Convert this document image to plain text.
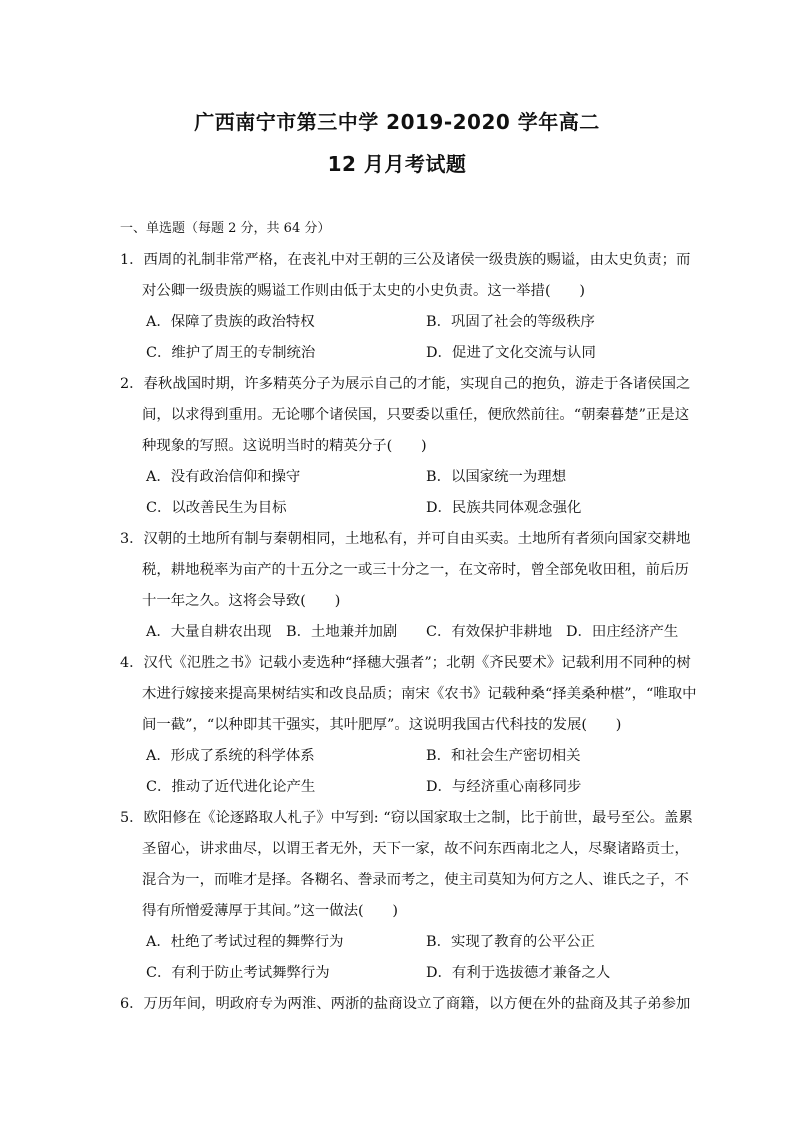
广西南宁市第三中学 2019-2020 学年高二
12 月月考试题
一、单选题（每题 2 分，共 64 分）
1．西周的礼制非常严格，在丧礼中对王朝的三公及诸侯一级贵族的赐谥，由太史负责；而
对公卿一级贵族的赐谥工作则由低于太史的小史负责。这一举措(　　)
A．保障了贵族的政治特权	B．巩固了社会的等级秩序
C．维护了周王的专制统治	D．促进了文化交流与认同
2．春秋战国时期，许多精英分子为展示自己的才能，实现自己的抱负，游走于各诸侯国之
间，以求得到重用。无论哪个诸侯国，只要委以重任，便欣然前往。“朝秦暮楚”正是这
种现象的写照。这说明当时的精英分子(　　)
A．没有政治信仰和操守	B．以国家统一为理想
C．以改善民生为目标	D．民族共同体观念强化
3．汉朝的土地所有制与秦朝相同，土地私有，并可自由买卖。土地所有者须向国家交耕地
税，耕地税率为亩产的十五分之一或三十分之一，在文帝时，曾全部免收田租，前后历
十一年之久。这将会导致(　　)
A．大量自耕农出现	B．土地兼并加剧	C．有效保护非耕地 D．田庄经济产生
4．汉代《氾胜之书》记载小麦选种“择穗大强者”；北朝《齐民要术》记载利用不同种的树
木进行嫁接来提高果树结实和改良品质；南宋《农书》记载种桑“择美桑种椹”，“唯取中
间一截”，“以种即其干强实，其叶肥厚”。这说明我国古代科技的发展(　　)
A．形成了系统的科学体系	B．和社会生产密切相关
C．推动了近代进化论产生	D．与经济重心南移同步
5．欧阳修在《论逐路取人札子》中写到: “窃以国家取士之制，比于前世，最号至公。盖累
圣留心，讲求曲尽，以谓王者无外，天下一家，故不问东西南北之人，尽聚诸路贡士，
混合为一，而唯才是择。各糊名、誊录而考之，使主司莫知为何方之人、谁氏之子，不
得有所憎爱薄厚于其间。”这一做法(　　)
A．杜绝了考试过程的舞弊行为	B．实现了教育的公平公正
C．有利于防止考试舞弊行为	D．有利于选拔德才兼备之人
6．万历年间，明政府专为两淮、两浙的盐商设立了商籍，以方便在外的盐商及其子弟参加
